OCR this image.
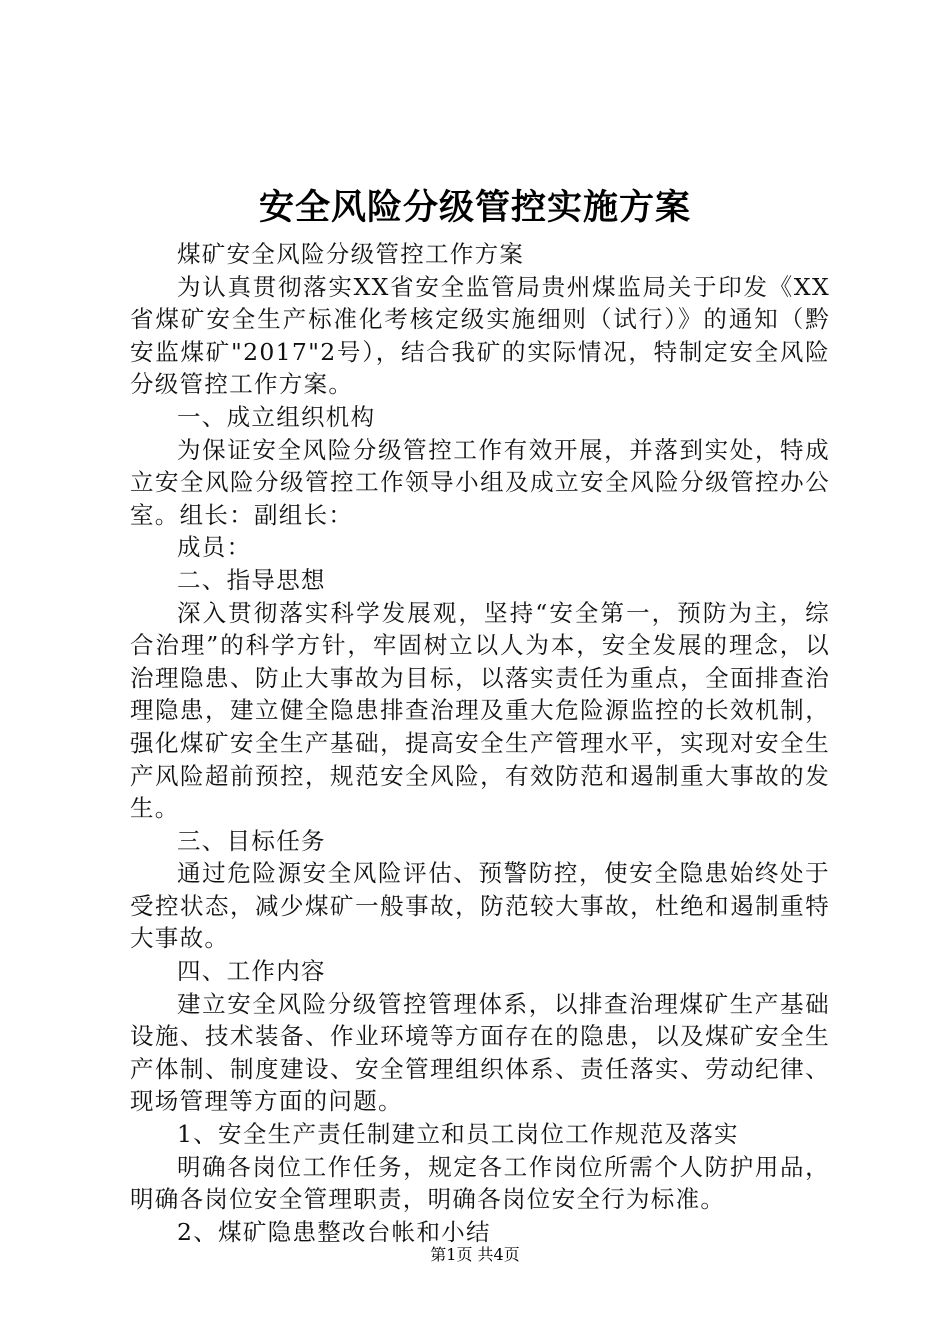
安全风险分级管控实施方案

煤矿安全风险分级管控工作方案

为认真贯彻落实XX省安全监管局贵州煤监局关于印发《XX省煤矿安全生产标准化考核定级实施细则（试行）》的通知（黔安监煤矿"2017"2号），结合我矿的实际情况，特制定安全风险分级管控工作方案。

一、成立组织机构

为保证安全风险分级管控工作有效开展，并落到实处，特成立安全风险分级管控工作领导小组及成立安全风险分级管控办公室。组长：副组长：

成员：

二、指导思想

深入贯彻落实科学发展观，坚持“安全第一，预防为主，综合治理”的科学方针，牢固树立以人为本，安全发展的理念，以治理隐患、防止大事故为目标，以落实责任为重点，全面排查治理隐患，建立健全隐患排查治理及重大危险源监控的长效机制，强化煤矿安全生产基础，提高安全生产管理水平，实现对安全生产风险超前预控，规范安全风险，有效防范和遏制重大事故的发生。

三、目标任务

通过危险源安全风险评估、预警防控，使安全隐患始终处于受控状态，减少煤矿一般事故，防范较大事故，杜绝和遏制重特大事故。

四、工作内容

建立安全风险分级管控管理体系，以排查治理煤矿生产基础设施、技术装备、作业环境等方面存在的隐患，以及煤矿安全生产体制、制度建设、安全管理组织体系、责任落实、劳动纪律、现场管理等方面的问题。

1、安全生产责任制建立和员工岗位工作规范及落实

明确各岗位工作任务，规定各工作岗位所需个人防护用品，明确各岗位安全管理职责，明确各岗位安全行为标准。

2、煤矿隐患整改台帐和小结

第1页 共4页
